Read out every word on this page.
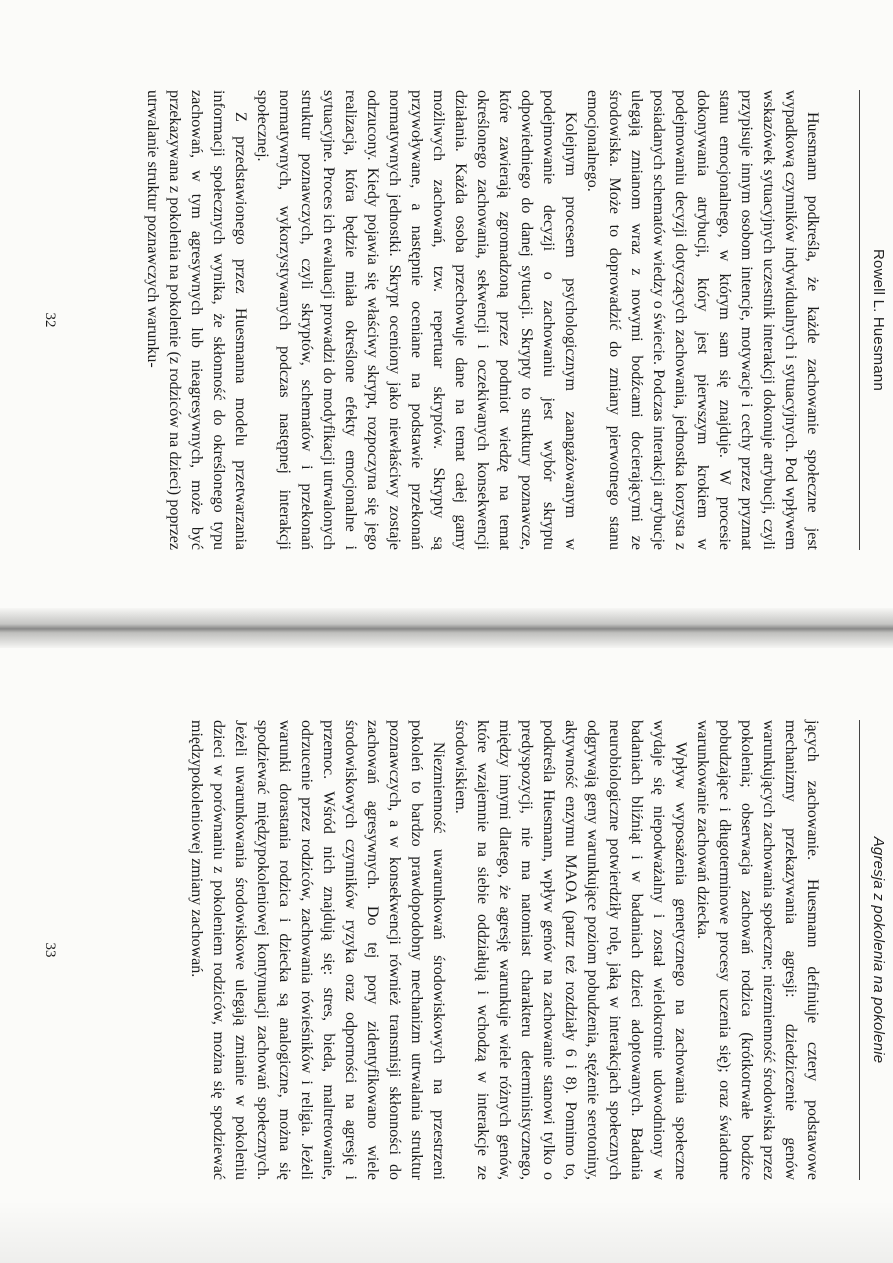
Rowell L. Huesmann

Huesmann podkreśla, że każde zachowanie społeczne jest wypadkową czynników indywidualnych i sytuacyjnych. Pod wpływem wskazówek sytuacyjnych uczestnik interakcji dokonuje atrybucji, czyli przypisuje innym osobom intencje, motywacje i cechy przez pryzmat stanu emocjonalnego, w którym sam się znajduje. W procesie dokonywania atrybucji, który jest pierwszym krokiem w podejmowaniu decyzji dotyczących zachowania, jednostka korzysta z posiadanych schematów wiedzy o świecie. Podczas interakcji atrybucje ulegają zmianom wraz z nowymi bodźcami docierającymi ze środowiska. Może to doprowadzić do zmiany pierwotnego stanu emocjonalnego.

Kolejnym procesem psychologicznym zaangażowanym w podejmowanie decyzji o zachowaniu jest wybór skryptu odpowiedniego do danej sytuacji. Skrypty to struktury poznawcze, które zawierają zgromadzoną przez podmiot wiedzę na temat określonego zachowania, sekwencji i oczekiwanych konsekwencji działania. Każda osoba przechowuje dane na temat całej gamy możliwych zachowań, tzw. repertuar skryptów. Skrypty są przywoływane, a następnie oceniane na podstawie przekonań normatywnych jednostki. Skrypt oceniony jako niewłaściwy zostaje odrzucony. Kiedy pojawia się właściwy skrypt, rozpoczyna się jego realizacja, która będzie miała określone efekty emocjonalne i sytuacyjne. Proces ich ewaluacji prowadzi do modyfikacji utrwalonych struktur poznawczych, czyli skryptów, schematów i przekonań normatywnych, wykorzystywanych podczas następnej interakcji społecznej.

Z przedstawionego przez Huesmanna modelu przetwarzania informacji społecznych wynika, że skłonność do określonego typu zachowań, w tym agresywnych lub nieagresywnych, może być przekazywana z pokolenia na pokolenie (z rodziców na dzieci) poprzez utrwalanie struktur poznawczych warunku-

32
Agresja z pokolenia na pokolenie

jących zachowanie. Huesmann definiuje cztery podstawowe mechanizmy przekazywania agresji: dziedziczenie genów warunkujących zachowania społeczne; niezmienność środowiska przez pokolenia; obserwacja zachowań rodzica (krótkotrwałe bodźce pobudzające i długoterminowe procesy uczenia się); oraz świadome warunkowanie zachowań dziecka.

Wpływ wyposażenia genetycznego na zachowania społeczne wydaje się niepodważalny i został wielokrotnie udowodniony w badaniach bliźniąt i w badaniach dzieci adoptowanych. Badania neurobiologiczne potwierdziły rolę, jaką w interakcjach społecznych odgrywają geny warunkujące poziom pobudzenia, stężenie serotoniny, aktywność enzymu MAOA (patrz też rozdziały 6 i 8). Pomimo to, podkreśla Huesmann, wpływ genów na zachowanie stanowi tylko o predyspozycji, nie ma natomiast charakteru deterministycznego, między innymi dlatego, że agresję warunkuje wiele różnych genów, które wzajemnie na siebie oddziałują i wchodzą w interakcje ze środowiskiem.

Niezmienność uwarunkowań środowiskowych na przestrzeni pokoleń to bardzo prawdopodobny mechanizm utrwalania struktur poznawczych, a w konsekwencji również transmisji skłonności do zachowań agresywnych. Do tej pory zidentyfikowano wiele środowiskowych czynników ryzyka oraz odporności na agresję i przemoc. Wśród nich znajdują się: stres, bieda, maltretowanie, odrzucenie przez rodziców, zachowania rówieśników i religia. Jeżeli warunki dorastania rodzica i dziecka są analogiczne, można się spodziewać międzypokoleniowej kontynuacji zachowań społecznych. Jeżeli uwarunkowania środowiskowe ulegają zmianie w pokoleniu dzieci w porównaniu z pokoleniem rodziców, można się spodziewać międzypokoleniowej zmiany zachowań.

33
